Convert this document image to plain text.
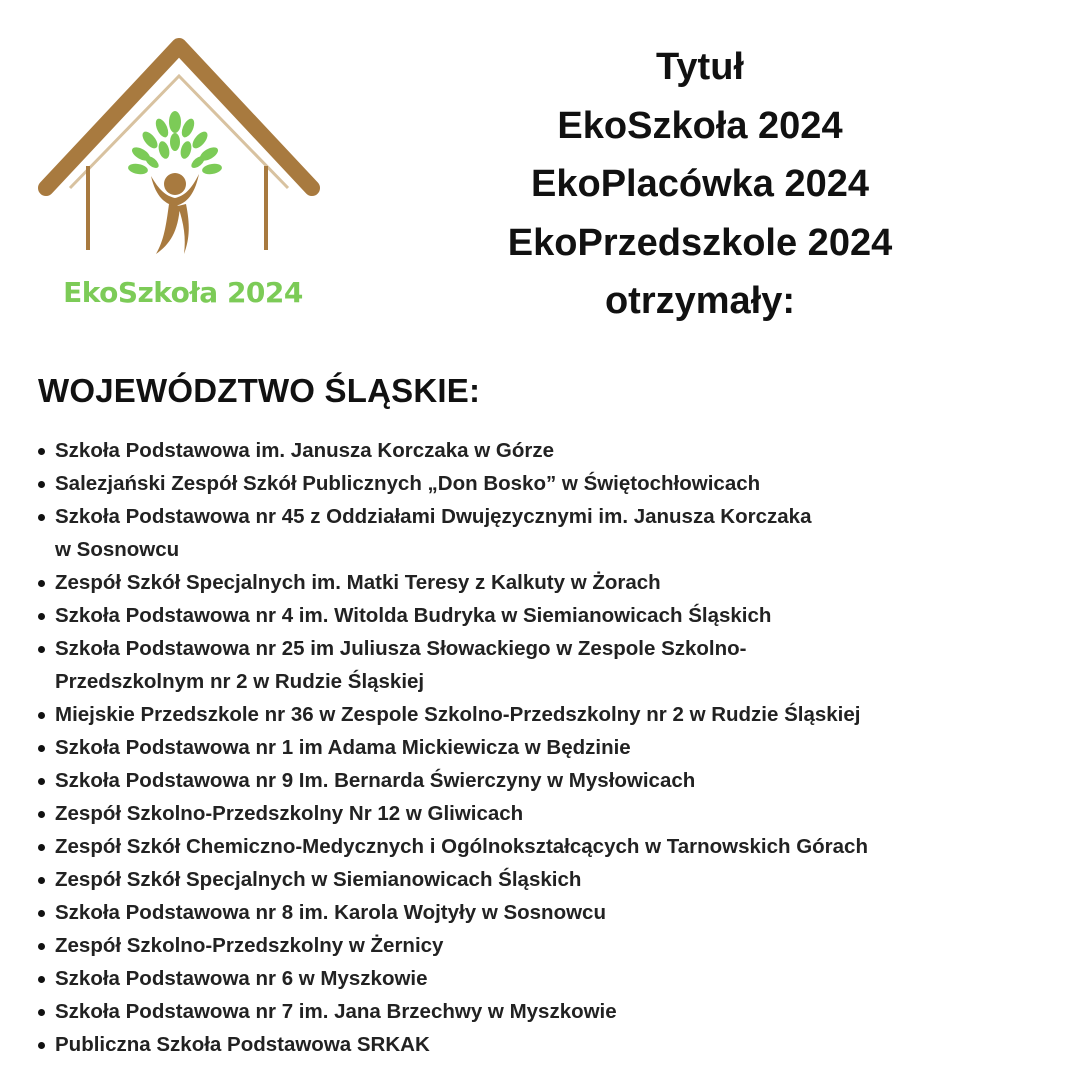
EkoSzkoła 2024
Tytuł
EkoSzkoła 2024
EkoPlacówka 2024
EkoPrzedszkole 2024
otrzymały:
WOJEWÓDZTWO ŚLĄSKIE:
Szkoła Podstawowa im. Janusza Korczaka w Górze
Salezjański Zespół Szkół Publicznych „Don Bosko” w Świętochłowicach
Szkoła Podstawowa nr 45 z Oddziałami Dwujęzycznymi im. Janusza Korczaka
w Sosnowcu
Zespół Szkół Specjalnych im. Matki Teresy z Kalkuty w Żorach
Szkoła Podstawowa nr 4 im. Witolda Budryka w Siemianowicach Śląskich
Szkoła Podstawowa nr 25 im Juliusza Słowackiego w Zespole Szkolno-
Przedszkolnym nr 2 w Rudzie Śląskiej
Miejskie Przedszkole nr 36 w Zespole Szkolno-Przedszkolny nr 2 w Rudzie Śląskiej
Szkoła Podstawowa nr 1 im Adama Mickiewicza w Będzinie
Szkoła Podstawowa nr 9 Im. Bernarda Świerczyny w Mysłowicach
Zespół Szkolno-Przedszkolny Nr 12 w Gliwicach
Zespół Szkół Chemiczno-Medycznych i Ogólnokształcących w Tarnowskich Górach
Zespół Szkół Specjalnych w Siemianowicach Śląskich
Szkoła Podstawowa nr 8 im. Karola Wojtyły w Sosnowcu
Zespół Szkolno-Przedszkolny w Żernicy
Szkoła Podstawowa nr 6 w Myszkowie
Szkoła Podstawowa nr 7 im. Jana Brzechwy w Myszkowie
Publiczna Szkoła Podstawowa SRKAK
